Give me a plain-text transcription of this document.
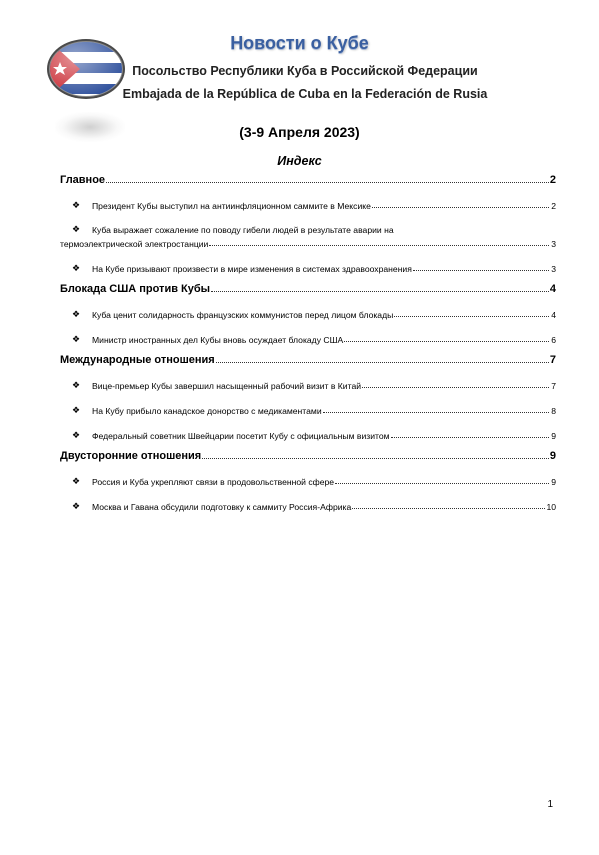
Новости о Кубе
Посольство Республики Куба в Российской Федерации
Embajada de la República de Cuba en la Federación de Rusia
(3-9 Апреля 2023)
Индекс
Главное	2
❖	Президент Кубы выступил на антиинфляционном саммите в Мексике	2
❖	Куба выражает сожаление по поводу гибели людей в результате аварии на
термоэлектрической электростанции	3
❖	На Кубе призывают произвести в мире изменения в системах здравоохранения	3
Блокада США против Кубы	4
❖	Куба ценит солидарность французских коммунистов перед лицом блокады	4
❖	Министр иностранных дел Кубы вновь осуждает блокаду США	6
Международные отношения	7
❖	Вице-премьер Кубы завершил насыщенный рабочий визит в Китай	7
❖	На Кубу прибыло канадское донорство с медикаментами	8
❖	Федеральный советник Швейцарии посетит Кубу с официальным визитом	9
Двусторонние отношения	9
❖	Россия и Куба укрепляют связи в продовольственной сфере	9
❖	Москва и Гавана обсудили подготовку к саммиту Россия-Африка	10
1
